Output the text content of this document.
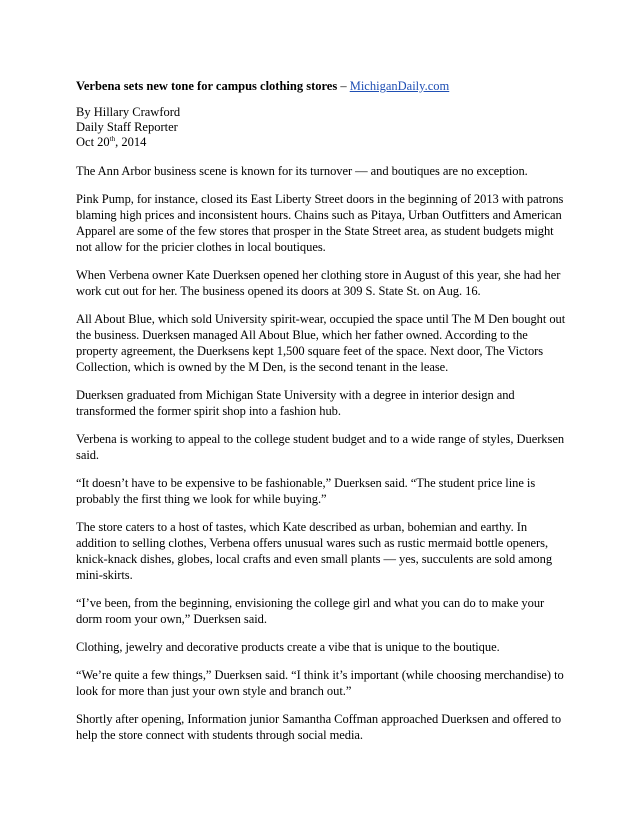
Verbena sets new tone for campus clothing stores – MichiganDaily.com
By Hillary Crawford
Daily Staff Reporter
Oct 20th, 2014

The Ann Arbor business scene is known for its turnover — and boutiques are no exception.

Pink Pump, for instance, closed its East Liberty Street doors in the beginning of 2013 with patrons blaming high prices and inconsistent hours. Chains such as Pitaya, Urban Outfitters and American Apparel are some of the few stores that prosper in the State Street area, as student budgets might not allow for the pricier clothes in local boutiques.

When Verbena owner Kate Duerksen opened her clothing store in August of this year, she had her work cut out for her. The business opened its doors at 309 S. State St. on Aug. 16.

All About Blue, which sold University spirit-wear, occupied the space until The M Den bought out the business. Duerksen managed All About Blue, which her father owned. According to the property agreement, the Duerksens kept 1,500 square feet of the space. Next door, The Victors Collection, which is owned by the M Den, is the second tenant in the lease.

Duerksen graduated from Michigan State University with a degree in interior design and transformed the former spirit shop into a fashion hub.

Verbena is working to appeal to the college student budget and to a wide range of styles, Duerksen said.

“It doesn’t have to be expensive to be fashionable,” Duerksen said. “The student price line is probably the first thing we look for while buying.”

The store caters to a host of tastes, which Kate described as urban, bohemian and earthy. In addition to selling clothes, Verbena offers unusual wares such as rustic mermaid bottle openers, knick-knack dishes, globes, local crafts and even small plants — yes, succulents are sold among mini-skirts.

“I’ve been, from the beginning, envisioning the college girl and what you can do to make your dorm room your own,” Duerksen said.

Clothing, jewelry and decorative products create a vibe that is unique to the boutique.

“We’re quite a few things,” Duerksen said. “I think it’s important (while choosing merchandise) to look for more than just your own style and branch out.”

Shortly after opening, Information junior Samantha Coffman approached Duerksen and offered to help the store connect with students through social media.
